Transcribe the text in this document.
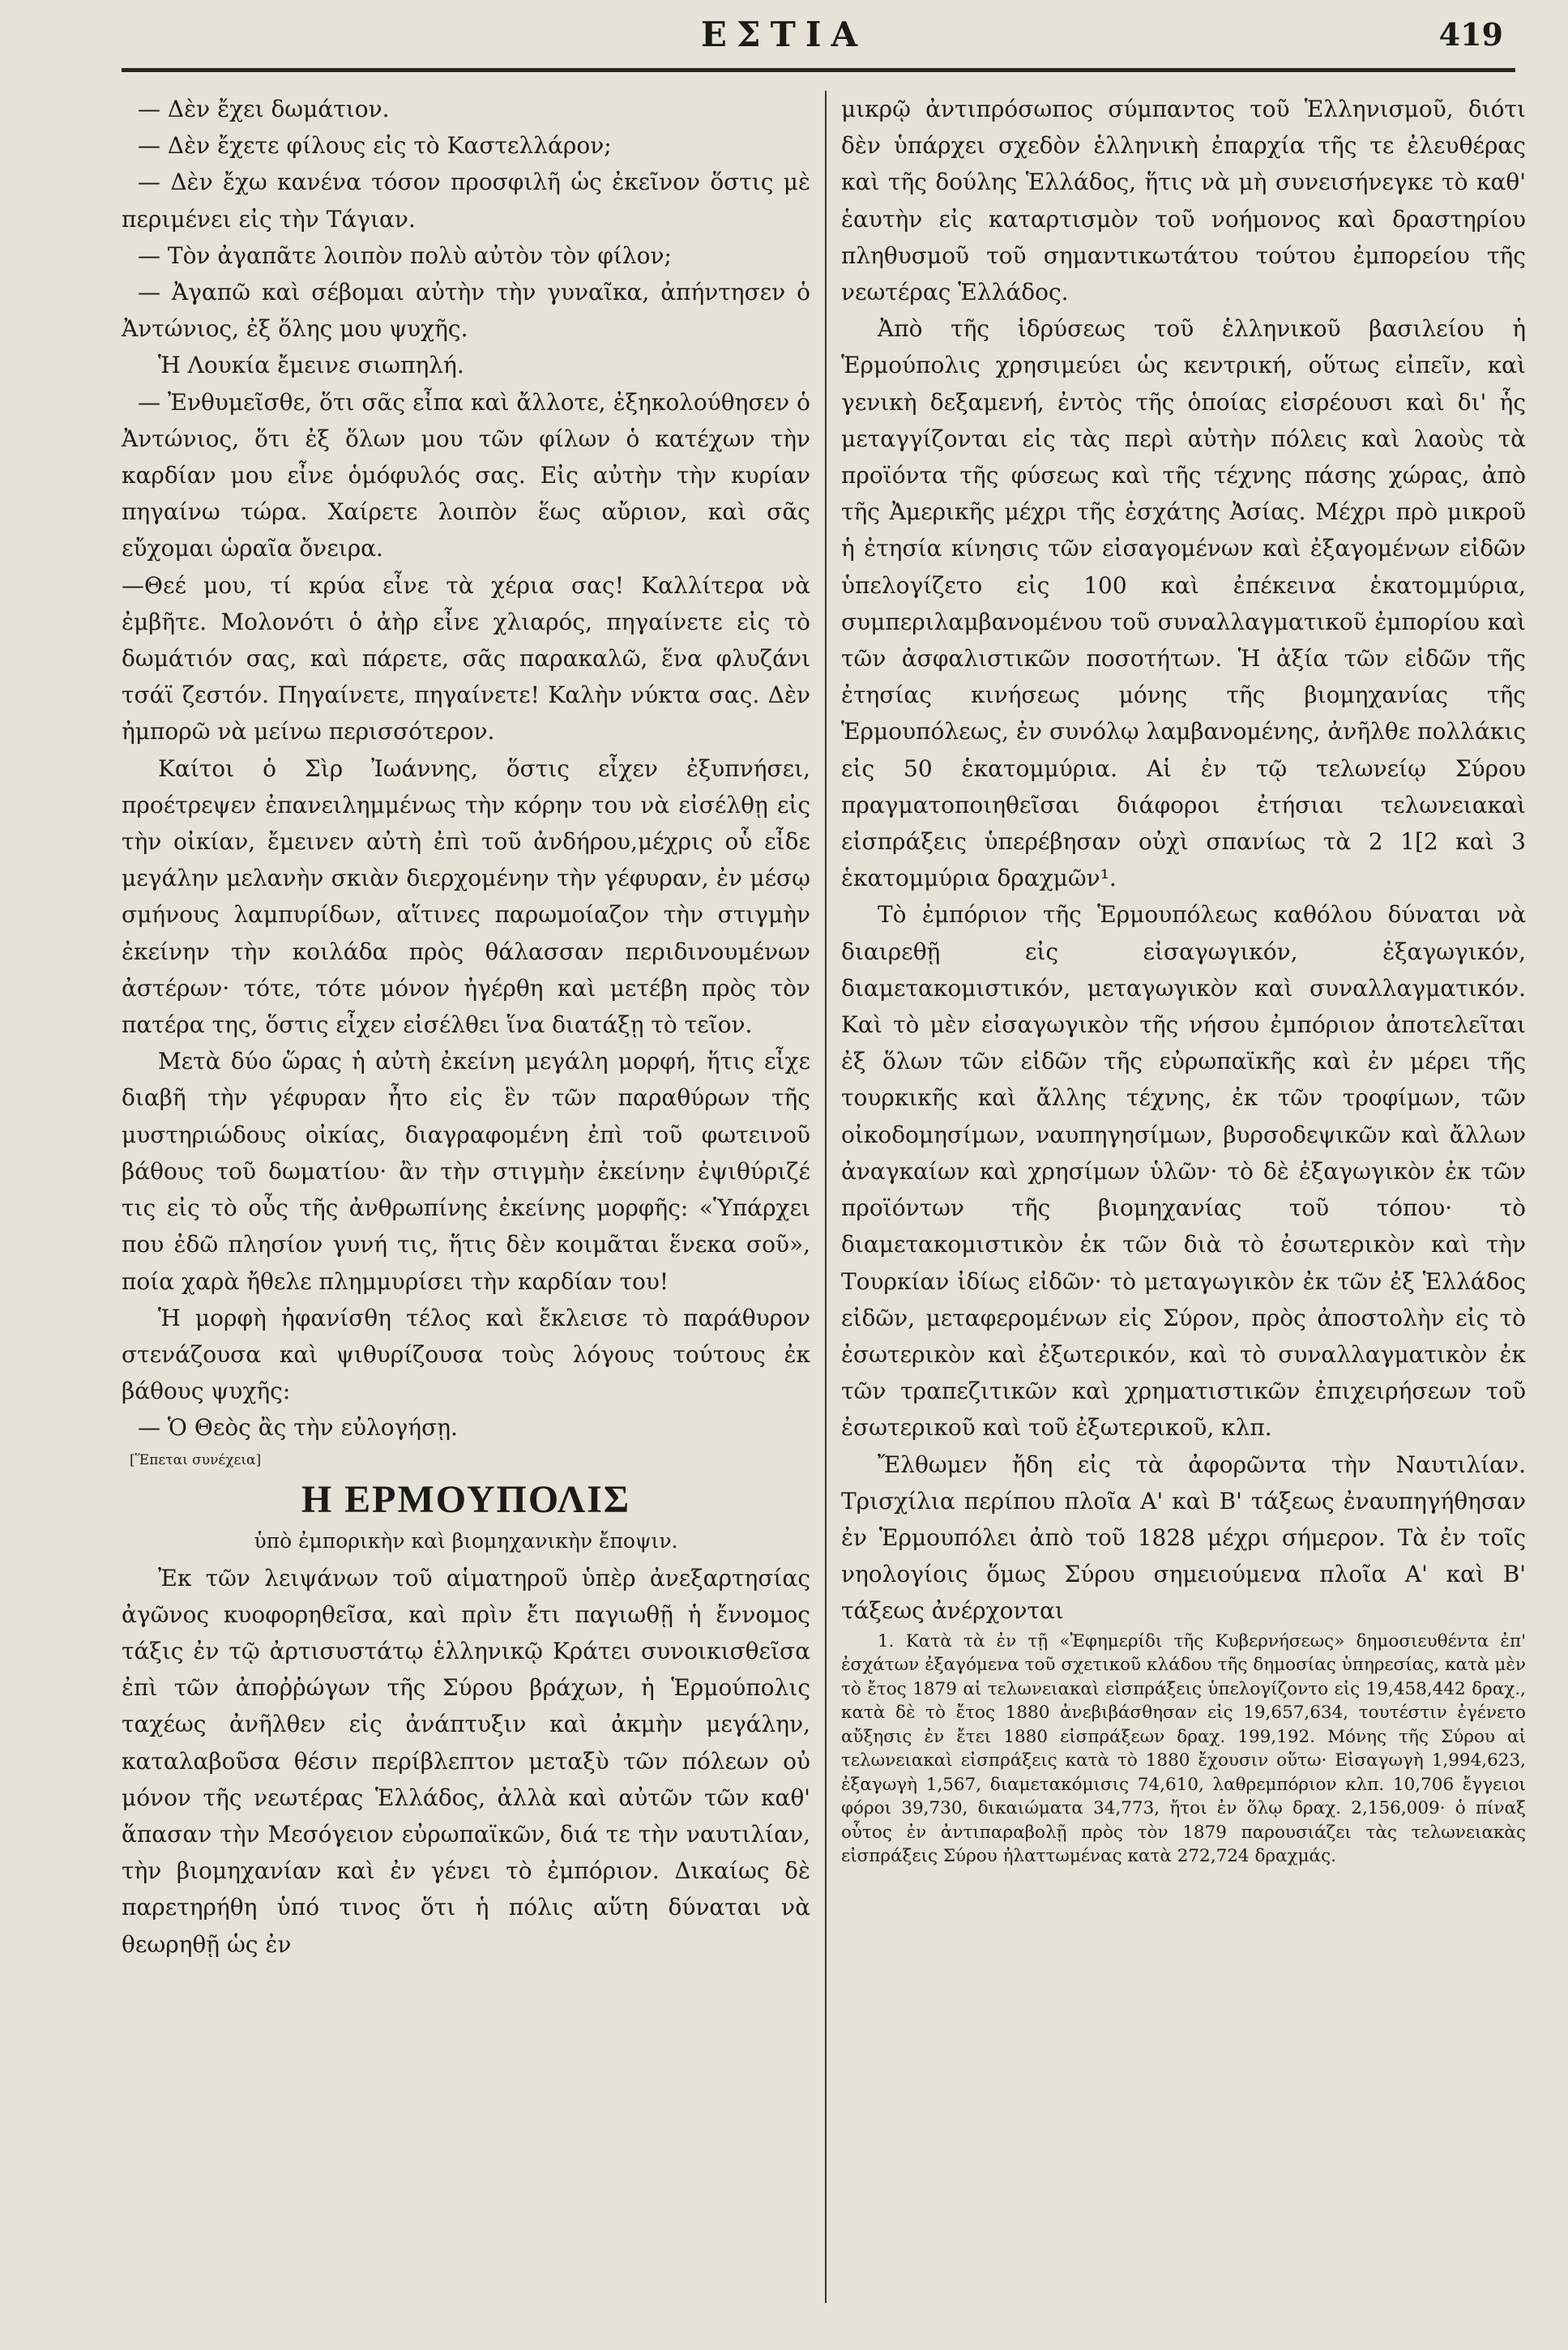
ΕΣΤΙΑ	419

— Δὲν ἔχει δωμάτιον.

— Δὲν ἔχετε φίλους εἰς τὸ Καστελλάρον;

— Δὲν ἔχω κανένα τόσον προσφιλῆ ὡς ἐκεῖνον ὅστις μὲ περιμένει εἰς τὴν Τάγιαν.

— Τὸν ἀγαπᾶτε λοιπὸν πολὺ αὐτὸν τὸν φίλον;

— Ἀγαπῶ καὶ σέβομαι αὐτὴν τὴν γυναῖκα, ἀπήντησεν ὁ Ἀντώνιος, ἐξ ὅλης μου ψυχῆς.

Ἡ Λουκία ἔμεινε σιωπηλή.

— Ἐνθυμεῖσθε, ὅτι σᾶς εἶπα καὶ ἄλλοτε, ἐξηκολούθησεν ὁ Ἀντώνιος, ὅτι ἐξ ὅλων μου τῶν φίλων ὁ κατέχων τὴν καρδίαν μου εἶνε ὁμόφυλός σας. Εἰς αὐτὴν τὴν κυρίαν πηγαίνω τώρα. Χαίρετε λοιπὸν ἕως αὔριον, καὶ σᾶς εὔχομαι ὡραῖα ὄνειρα.

—Θεέ μου, τί κρύα εἶνε τὰ χέρια σας! Καλλίτερα νὰ ἐμβῆτε. Μολονότι ὁ ἀὴρ εἶνε χλιαρός, πηγαίνετε εἰς τὸ δωμάτιόν σας, καὶ πάρετε, σᾶς παρακαλῶ, ἕνα φλυζάνι τσάϊ ζεστόν. Πηγαίνετε, πηγαίνετε! Καλὴν νύκτα σας. Δὲν ἠμπορῶ νὰ μείνω περισσότερον.

Καίτοι ὁ Σὶρ Ἰωάννης, ὅστις εἶχεν ἐξυπνήσει, προέτρεψεν ἐπανειλημμένως τὴν κόρην του νὰ εἰσέλθῃ εἰς τὴν οἰκίαν, ἔμεινεν αὐτὴ ἐπὶ τοῦ ἀνδήρου,μέχρις οὗ εἶδε μεγάλην μελανὴν σκιὰν διερχομένην τὴν γέφυραν, ἐν μέσῳ σμήνους λαμπυρίδων, αἵτινες παρωμοίαζον τὴν στιγμὴν ἐκείνην τὴν κοιλάδα πρὸς θάλασσαν περιδινουμένων ἀστέρων· τότε, τότε μόνον ἠγέρθη καὶ μετέβη πρὸς τὸν πατέρα της, ὅστις εἶχεν εἰσέλθει ἵνα διατάξῃ τὸ τεῖον.

Μετὰ δύο ὥρας ἡ αὐτὴ ἐκείνη μεγάλη μορφή, ἥτις εἶχε διαβῆ τὴν γέφυραν ἦτο εἰς ἓν τῶν παραθύρων τῆς μυστηριώδους οἰκίας, διαγραφομένη ἐπὶ τοῦ φωτεινοῦ βάθους τοῦ δωματίου· ἂν τὴν στιγμὴν ἐκείνην ἐψιθύριζέ τις εἰς τὸ οὖς τῆς ἀνθρωπίνης ἐκείνης μορφῆς: «Ὑπάρχει που ἐδῶ πλησίον γυνή τις, ἥτις δὲν κοιμᾶται ἕνεκα σοῦ», ποία χαρὰ ἤθελε πλημμυρίσει τὴν καρδίαν του!

Ἡ μορφὴ ἠφανίσθη τέλος καὶ ἔκλεισε τὸ παράθυρον στενάζουσα καὶ ψιθυρίζουσα τοὺς λόγους τούτους ἐκ βάθους ψυχῆς:

— Ὁ Θεὸς ἂς τὴν εὐλογήσῃ.

[Ἕπεται συνέχεια]
Η ΕΡΜΟΥΠΟΛΙΣ
ὑπὸ ἐμπορικὴν καὶ βιομηχανικὴν ἔποψιν.

Ἐκ τῶν λειψάνων τοῦ αἱματηροῦ ὑπὲρ ἀνεξαρτησίας ἀγῶνος κυοφορηθεῖσα, καὶ πρὶν ἔτι παγιωθῇ ἡ ἔννομος τάξις ἐν τῷ ἀρτισυστάτῳ ἑλληνικῷ Κράτει συνοικισθεῖσα ἐπὶ τῶν ἀποῤῥώγων τῆς Σύρου βράχων, ἡ Ἑρμούπολις ταχέως ἀνῆλθεν εἰς ἀνάπτυξιν καὶ ἀκμὴν μεγάλην, καταλαβοῦσα θέσιν περίβλεπτον μεταξὺ τῶν πόλεων οὐ μόνον τῆς νεωτέρας Ἑλλάδος, ἀλλὰ καὶ αὐτῶν τῶν καθ' ἅπασαν τὴν Μεσόγειον εὐρωπαϊκῶν, διά τε τὴν ναυτιλίαν, τὴν βιομηχανίαν καὶ ἐν γένει τὸ ἐμπόριον. Δικαίως δὲ παρετηρήθη ὑπό τινος ὅτι ἡ πόλις αὕτη δύναται νὰ θεωρηθῇ ὡς ἐν

μικρῷ ἀντιπρόσωπος σύμπαντος τοῦ Ἑλληνισμοῦ, διότι δὲν ὑπάρχει σχεδὸν ἑλληνικὴ ἐπαρχία τῆς τε ἐλευθέρας καὶ τῆς δούλης Ἑλλάδος, ἥτις νὰ μὴ συνεισήνεγκε τὸ καθ' ἑαυτὴν εἰς καταρτισμὸν τοῦ νοήμονος καὶ δραστηρίου πληθυσμοῦ τοῦ σημαντικωτάτου τούτου ἐμπορείου τῆς νεωτέρας Ἑλλάδος.

Ἀπὸ τῆς ἱδρύσεως τοῦ ἑλληνικοῦ βασιλείου ἡ Ἑρμούπολις χρησιμεύει ὡς κεντρική, οὕτως εἰπεῖν, καὶ γενικὴ δεξαμενή, ἐντὸς τῆς ὁποίας εἰσρέουσι καὶ δι' ἧς μεταγγίζονται εἰς τὰς περὶ αὐτὴν πόλεις καὶ λαοὺς τὰ προϊόντα τῆς φύσεως καὶ τῆς τέχνης πάσης χώρας, ἀπὸ τῆς Ἀμερικῆς μέχρι τῆς ἐσχάτης Ἀσίας. Μέχρι πρὸ μικροῦ ἡ ἐτησία κίνησις τῶν εἰσαγομένων καὶ ἐξαγομένων εἰδῶν ὑπελογίζετο εἰς 100 καὶ ἐπέκεινα ἑκατομμύρια, συμπεριλαμβανομένου τοῦ συναλλαγματικοῦ ἐμπορίου καὶ τῶν ἀσφαλιστικῶν ποσοτήτων. Ἡ ἀξία τῶν εἰδῶν τῆς ἐτησίας κινήσεως μόνης τῆς βιομηχανίας τῆς Ἑρμουπόλεως, ἐν συνόλῳ λαμβανομένης, ἀνῆλθε πολλάκις εἰς 50 ἑκατομμύρια. Αἱ ἐν τῷ τελωνείῳ Σύρου πραγματοποιηθεῖσαι διάφοροι ἐτήσιαι τελωνειακαὶ εἰσπράξεις ὑπερέβησαν οὐχὶ σπανίως τὰ 2 1[2 καὶ 3 ἑκατομμύρια δραχμῶν¹.

Τὸ ἐμπόριον τῆς Ἑρμουπόλεως καθόλου δύναται νὰ διαιρεθῇ εἰς εἰσαγωγικόν, ἐξαγωγικόν, διαμετακομιστικόν, μεταγωγικὸν καὶ συναλλαγματικόν. Καὶ τὸ μὲν εἰσαγωγικὸν τῆς νήσου ἐμπόριον ἀποτελεῖται ἐξ ὅλων τῶν εἰδῶν τῆς εὐρωπαϊκῆς καὶ ἐν μέρει τῆς τουρκικῆς καὶ ἄλλης τέχνης, ἐκ τῶν τροφίμων, τῶν οἰκοδομησίμων, ναυπηγησίμων, βυρσοδεψικῶν καὶ ἄλλων ἀναγκαίων καὶ χρησίμων ὑλῶν· τὸ δὲ ἐξαγωγικὸν ἐκ τῶν προϊόντων τῆς βιομηχανίας τοῦ τόπου· τὸ διαμετακομιστικὸν ἐκ τῶν διὰ τὸ ἐσωτερικὸν καὶ τὴν Τουρκίαν ἰδίως εἰδῶν· τὸ μεταγωγικὸν ἐκ τῶν ἐξ Ἑλλάδος εἰδῶν, μεταφερομένων εἰς Σύρον, πρὸς ἀποστολὴν εἰς τὸ ἐσωτερικὸν καὶ ἐξωτερικόν, καὶ τὸ συναλλαγματικὸν ἐκ τῶν τραπεζιτικῶν καὶ χρηματιστικῶν ἐπιχειρήσεων τοῦ ἐσωτερικοῦ καὶ τοῦ ἐξωτερικοῦ, κλπ.

Ἔλθωμεν ἤδη εἰς τὰ ἀφορῶντα τὴν Ναυτιλίαν. Τρισχίλια περίπου πλοῖα Α' καὶ Β' τάξεως ἐναυπηγήθησαν ἐν Ἑρμουπόλει ἀπὸ τοῦ 1828 μέχρι σήμερον. Τὰ ἐν τοῖς νηολογίοις ὅμως Σύρου σημειούμενα πλοῖα Α' καὶ Β' τάξεως ἀνέρχονται

1. Κατὰ τὰ ἐν τῇ «Ἐφημερίδι τῆς Κυβερνήσεως» δημοσιευθέντα ἐπ' ἐσχάτων ἐξαγόμενα τοῦ σχετικοῦ κλάδου τῆς δημοσίας ὑπηρεσίας, κατὰ μὲν τὸ ἔτος 1879 αἱ τελωνειακαὶ εἰσπράξεις ὑπελογίζοντο εἰς 19,458,442 δραχ., κατὰ δὲ τὸ ἔτος 1880 ἀνεβιβάσθησαν εἰς 19,657,634, τουτέστιν ἐγένετο αὔξησις ἐν ἔτει 1880 εἰσπράξεων δραχ. 199,192. Μόνης τῆς Σύρου αἱ τελωνειακαὶ εἰσπράξεις κατὰ τὸ 1880 ἔχουσιν οὕτω· Εἰσαγωγὴ 1,994,623, ἐξαγωγὴ 1,567, διαμετακόμισις 74,610, λαθρεμπόριον κλπ. 10,706 ἔγγειοι φόροι 39,730, δικαιώματα 34,773, ἤτοι ἐν ὅλῳ δραχ. 2,156,009· ὁ πίναξ οὗτος ἐν ἀντιπαραβολῇ πρὸς τὸν 1879 παρουσιάζει τὰς τελωνειακὰς εἰσπράξεις Σύρου ἠλαττωμένας κατὰ 272,724 δραχμάς.
